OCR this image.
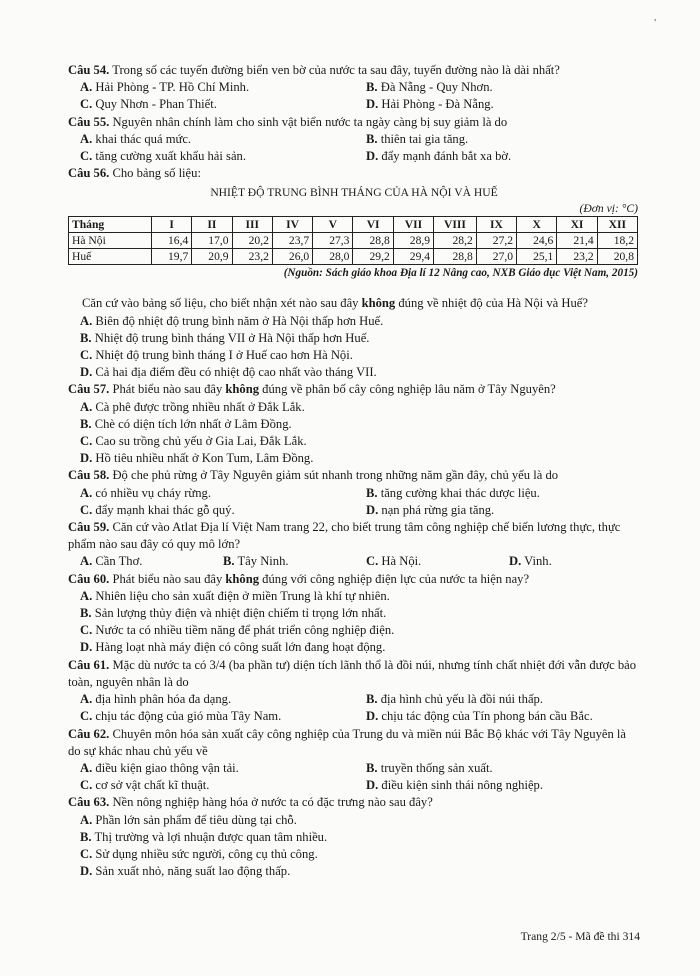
'
Câu 54. Trong số các tuyến đường biển ven bờ của nước ta sau đây, tuyến đường nào là dài nhất?
A. Hải Phòng - TP. Hồ Chí Minh.	B. Đà Nẵng - Quy Nhơn.
C. Quy Nhơn - Phan Thiết.	D. Hải Phòng - Đà Nẵng.
Câu 55. Nguyên nhân chính làm cho sinh vật biển nước ta ngày càng bị suy giảm là do
A. khai thác quá mức.	B. thiên tai gia tăng.
C. tăng cường xuất khẩu hải sản.	D. đẩy mạnh đánh bắt xa bờ.
Câu 56. Cho bảng số liệu:
NHIỆT ĐỘ TRUNG BÌNH THÁNG CỦA HÀ NỘI VÀ HUẾ
(Đơn vị: °C)
Tháng	I	II	III	IV	V	VI	VII	VIII	IX	X	XI	XII
Hà Nội	16,4	17,0	20,2	23,7	27,3	28,8	28,9	28,2	27,2	24,6	21,4	18,2
Huế	19,7	20,9	23,2	26,0	28,0	29,2	29,4	28,8	27,0	25,1	23,2	20,8
(Nguồn: Sách giáo khoa Địa lí 12 Nâng cao, NXB Giáo dục Việt Nam, 2015)
Căn cứ vào bảng số liệu, cho biết nhận xét nào sau đây không đúng về nhiệt độ của Hà Nội và Huế?
A. Biên độ nhiệt độ trung bình năm ở Hà Nội thấp hơn Huế.
B. Nhiệt độ trung bình tháng VII ở Hà Nội thấp hơn Huế.
C. Nhiệt độ trung bình tháng I ở Huế cao hơn Hà Nội.
D. Cả hai địa điểm đều có nhiệt độ cao nhất vào tháng VII.
Câu 57. Phát biểu nào sau đây không đúng về phân bố cây công nghiệp lâu năm ở Tây Nguyên?
A. Cà phê được trồng nhiều nhất ở Đắk Lắk.
B. Chè có diện tích lớn nhất ở Lâm Đồng.
C. Cao su trồng chủ yếu ở Gia Lai, Đắk Lắk.
D. Hồ tiêu nhiều nhất ở Kon Tum, Lâm Đồng.
Câu 58. Độ che phủ rừng ở Tây Nguyên giảm sút nhanh trong những năm gần đây, chủ yếu là do
A. có nhiều vụ cháy rừng.	B. tăng cường khai thác dược liệu.
C. đẩy mạnh khai thác gỗ quý.	D. nạn phá rừng gia tăng.
Câu 59. Căn cứ vào Atlat Địa lí Việt Nam trang 22, cho biết trung tâm công nghiệp chế biến lương thực, thực phẩm nào sau đây có quy mô lớn?
A. Cần Thơ.	B. Tây Ninh.	C. Hà Nội.	D. Vinh.
Câu 60. Phát biểu nào sau đây không đúng với công nghiệp điện lực của nước ta hiện nay?
A. Nhiên liệu cho sản xuất điện ở miền Trung là khí tự nhiên.
B. Sản lượng thủy điện và nhiệt điện chiếm tỉ trọng lớn nhất.
C. Nước ta có nhiều tiềm năng để phát triển công nghiệp điện.
D. Hàng loạt nhà máy điện có công suất lớn đang hoạt động.
Câu 61. Mặc dù nước ta có 3/4 (ba phần tư) diện tích lãnh thổ là đồi núi, nhưng tính chất nhiệt đới vẫn được bảo toàn, nguyên nhân là do
A. địa hình phân hóa đa dạng.	B. địa hình chủ yếu là đồi núi thấp.
C. chịu tác động của gió mùa Tây Nam.	D. chịu tác động của Tín phong bán cầu Bắc.
Câu 62. Chuyên môn hóa sản xuất cây công nghiệp của Trung du và miền núi Bắc Bộ khác với Tây Nguyên là do sự khác nhau chủ yếu về
A. điều kiện giao thông vận tải.	B. truyền thống sản xuất.
C. cơ sở vật chất kĩ thuật.	D. điều kiện sinh thái nông nghiệp.
Câu 63. Nền nông nghiệp hàng hóa ở nước ta có đặc trưng nào sau đây?
A. Phần lớn sản phẩm để tiêu dùng tại chỗ.
B. Thị trường và lợi nhuận được quan tâm nhiều.
C. Sử dụng nhiều sức người, công cụ thủ công.
D. Sản xuất nhỏ, năng suất lao động thấp.
Trang 2/5 - Mã đề thi 314
